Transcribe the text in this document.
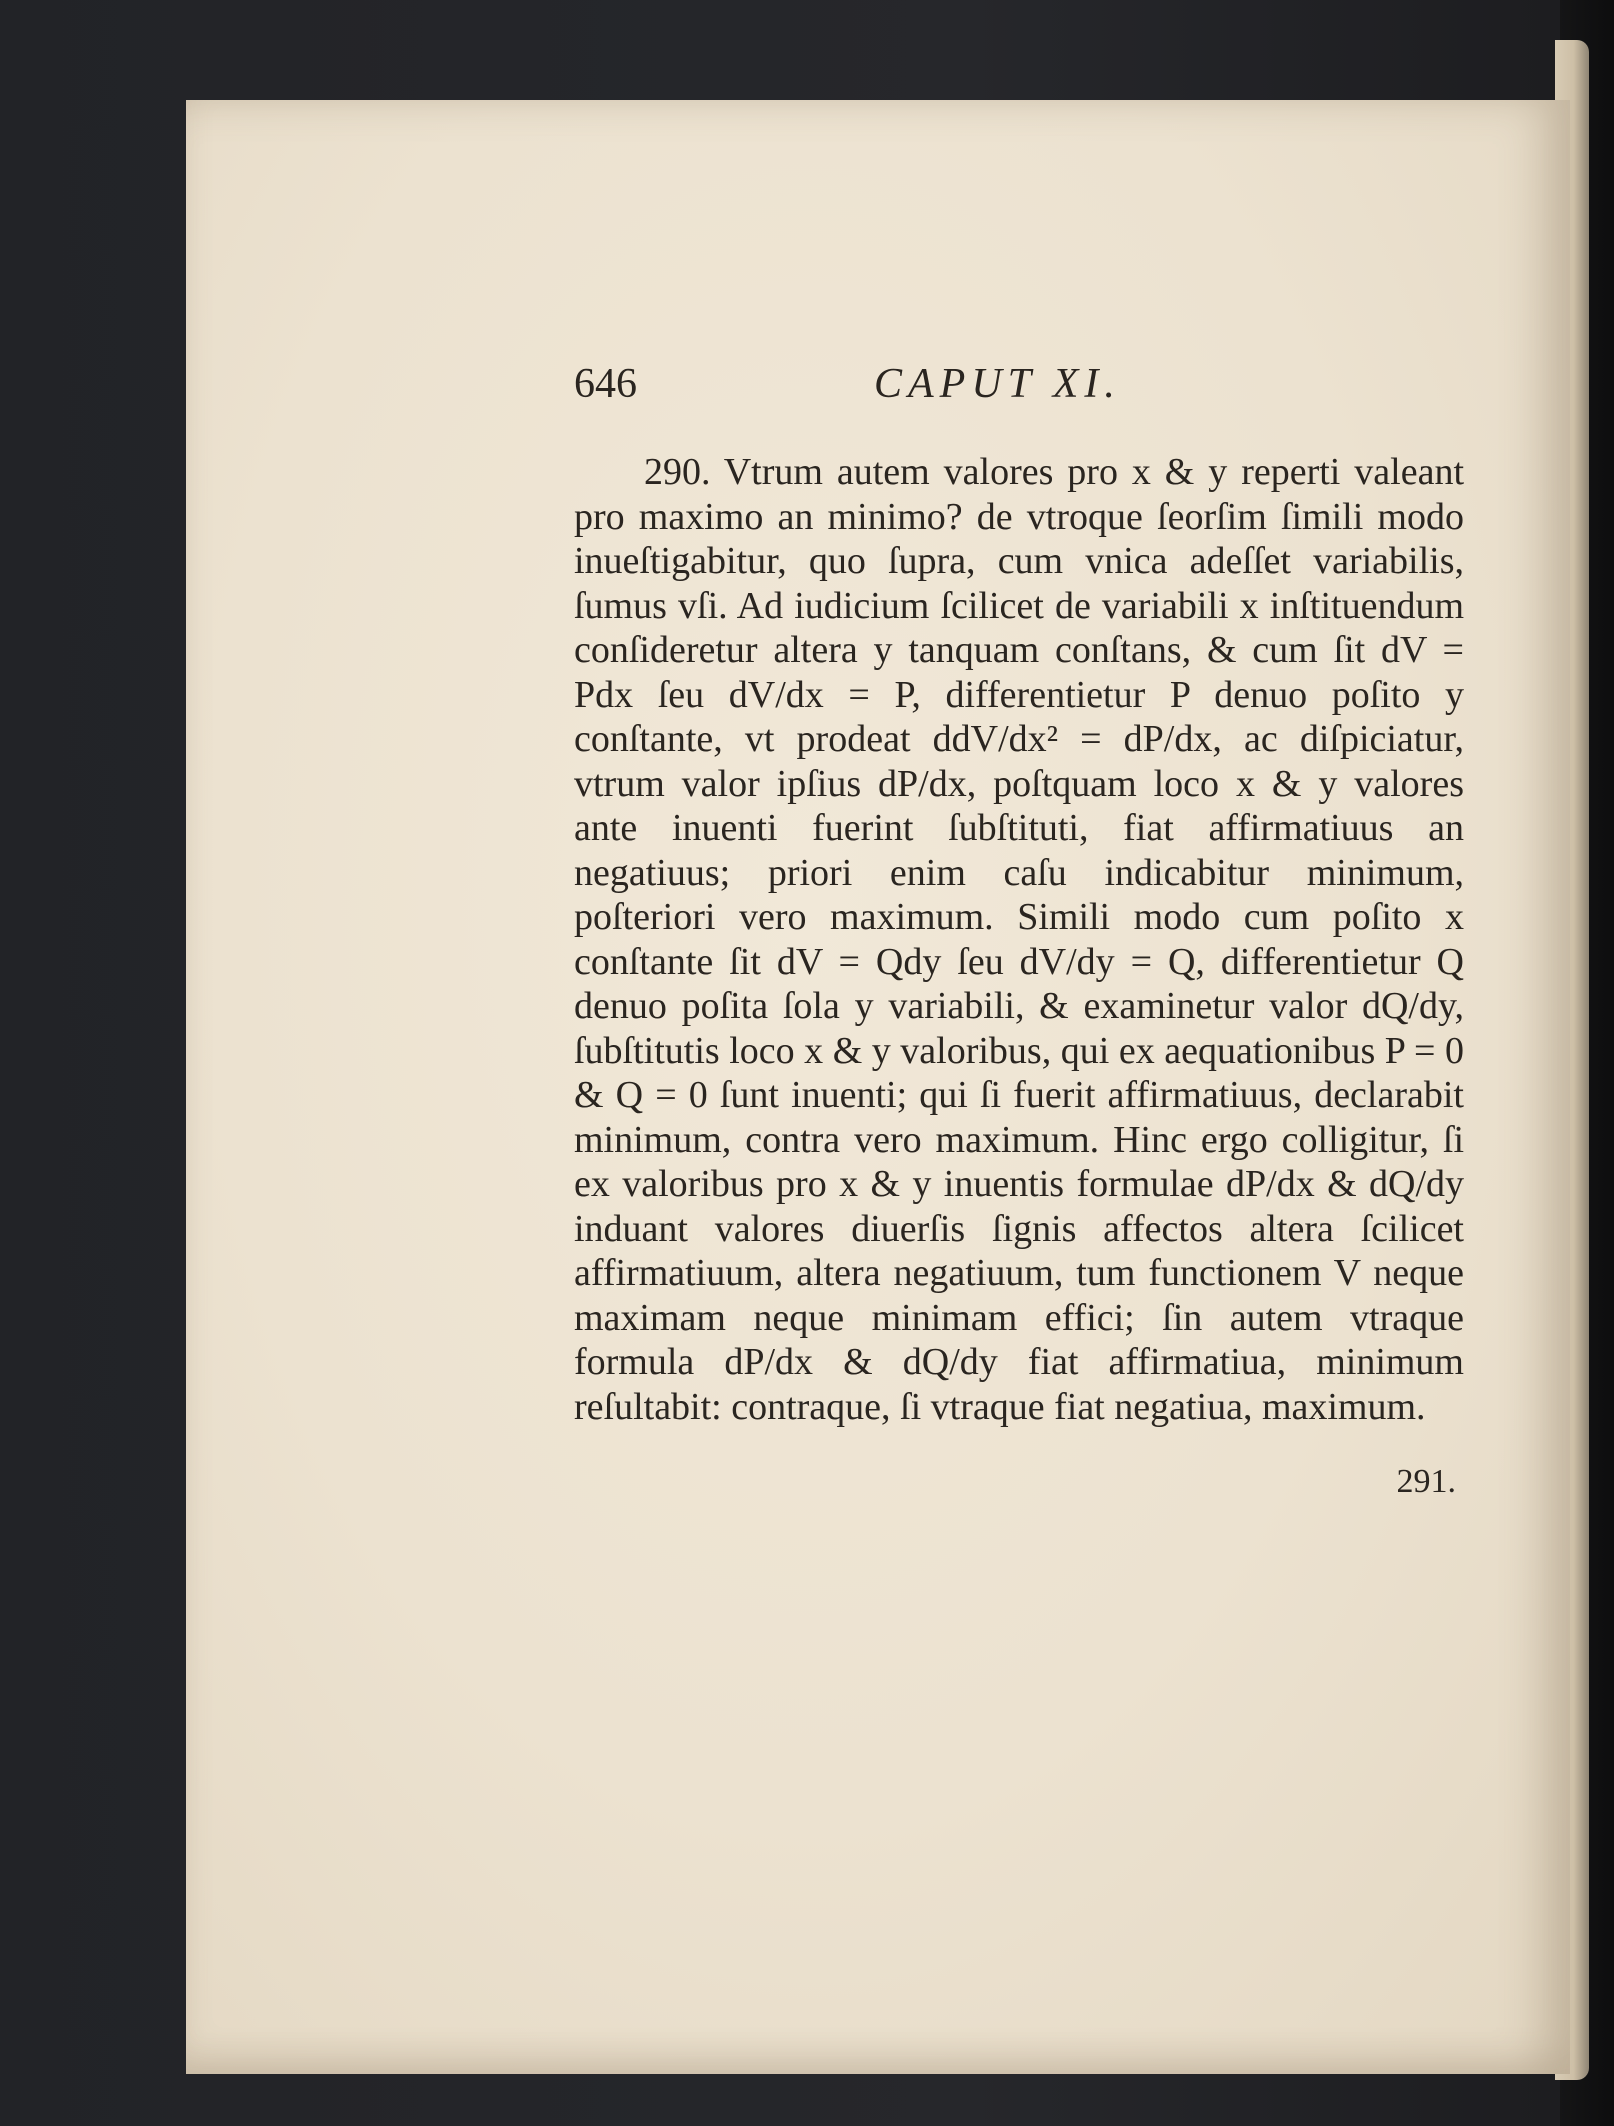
646	CAPUT XI.

290. Vtrum autem valores pro x & y reperti valeant pro maximo an minimo? de vtroque ſeorſim ſimili modo inueſtigabitur, quo ſupra, cum vnica adeſſet variabilis, ſumus vſi. Ad iudicium ſcilicet de variabili x inſtituendum conſideretur altera y tanquam conſtans, & cum ſit dV = Pdx ſeu dV/dx = P, differentietur P denuo poſito y conſtante, vt prodeat ddV/dx² = dP/dx, ac diſpiciatur, vtrum valor ipſius dP/dx, poſtquam loco x & y valores ante inuenti fuerint ſubſtituti, fiat affirmatiuus an negatiuus; priori enim caſu indicabitur minimum, poſteriori vero maximum. Simili modo cum poſito x conſtante ſit dV = Qdy ſeu dV/dy = Q, differentietur Q denuo poſita ſola y variabili, & examinetur valor dQ/dy, ſubſtitutis loco x & y valoribus, qui ex aequationibus P = 0 & Q = 0 ſunt inuenti; qui ſi fuerit affirmatiuus, declarabit minimum, contra vero maximum. Hinc ergo colligitur, ſi ex valoribus pro x & y inuentis formulae dP/dx & dQ/dy induant valores diuerſis ſignis affectos altera ſcilicet affirmatiuum, altera negatiuum, tum functionem V neque maximam neque minimam effici; ſin autem vtraque formula dP/dx & dQ/dy fiat affirmatiua, minimum reſultabit: contraque, ſi vtraque fiat negatiua, maximum.

291.
